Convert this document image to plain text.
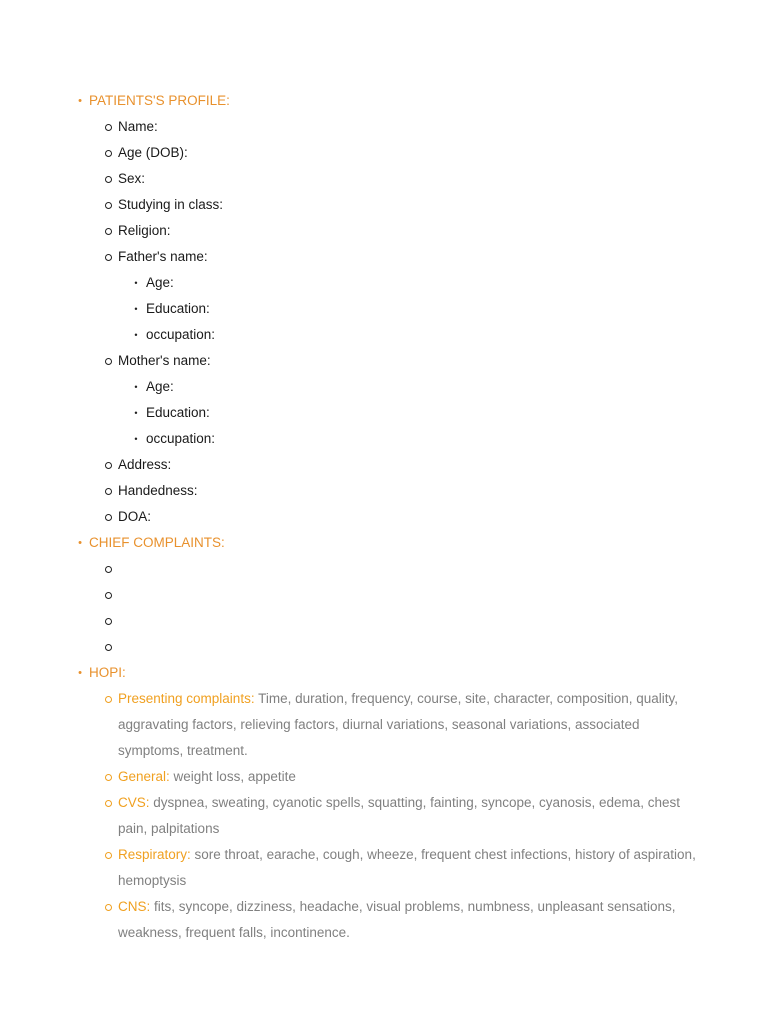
• PATIENTS'S PROFILE:
Name:
Age (DOB):
Sex:
Studying in class:
Religion:
Father's name:
• Age:
• Education:
• occupation:
Mother's name:
• Age:
• Education:
• occupation:
Address:
Handedness:
DOA:
• CHIEF COMPLAINTS:

• HOPI:
Presenting complaints: Time, duration, frequency, course, site, character, composition, quality, aggravating factors, relieving factors, diurnal variations, seasonal variations, associated symptoms, treatment.
General: weight loss, appetite
CVS: dyspnea, sweating, cyanotic spells, squatting, fainting, syncope, cyanosis, edema, chest pain, palpitations
Respiratory: sore throat, earache, cough, wheeze, frequent chest infections, history of aspiration, hemoptysis
CNS: fits, syncope, dizziness, headache, visual problems, numbness, unpleasant sensations, weakness, frequent falls, incontinence.
